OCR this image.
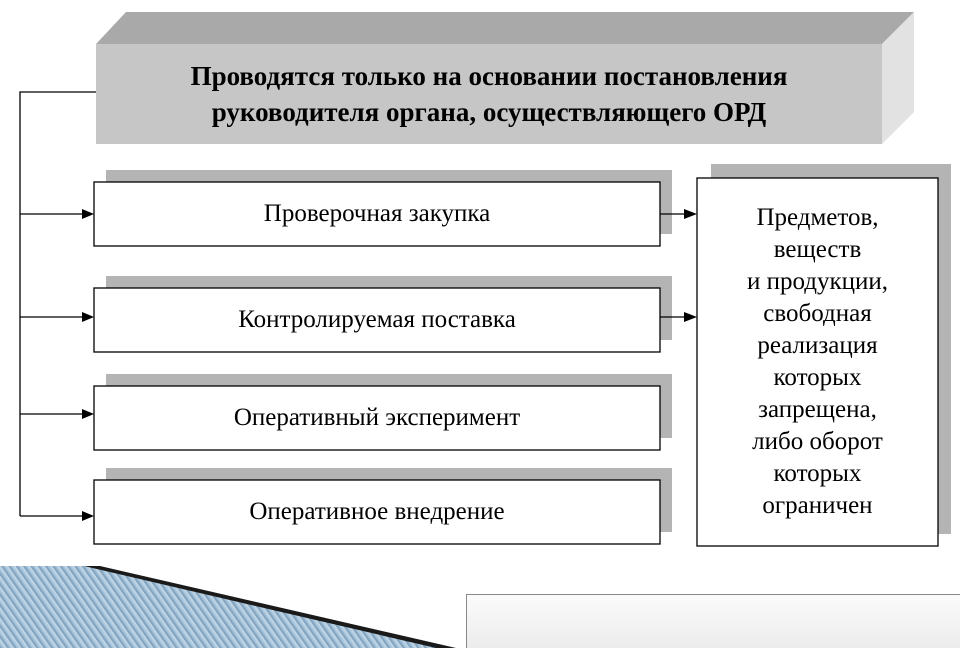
Проводятся только на основании постановления
руководителя органа, осуществляющего ОРД
Проверочная закупка
Контролируемая поставка
Оперативный эксперимент
Оперативное внедрение
Предметов,
веществ
и продукции,
свободная
реализация
которых
запрещена,
либо оборот
которых
ограничен
